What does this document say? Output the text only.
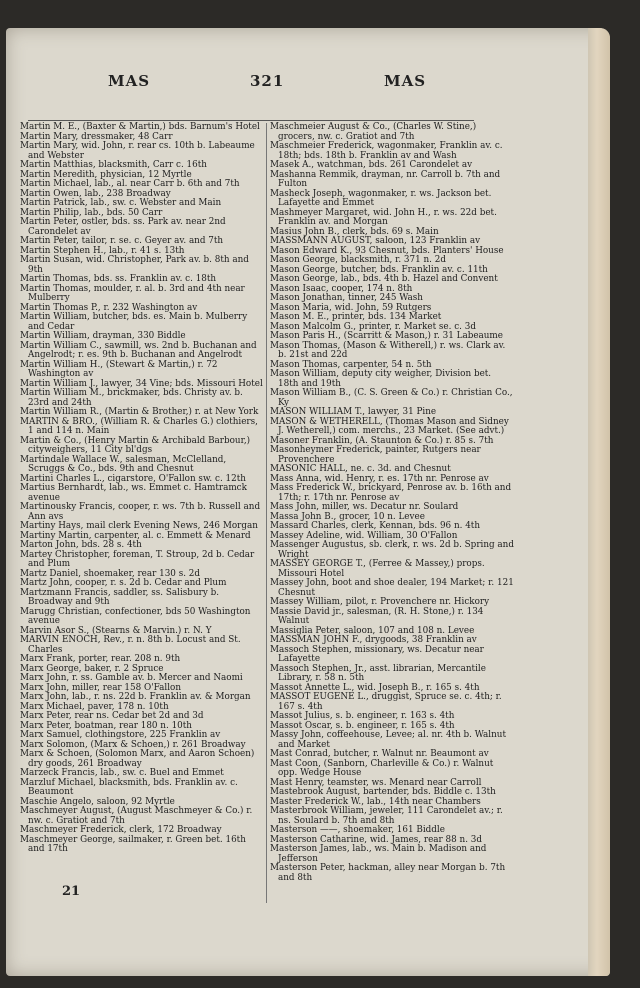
MAS	321	MAS

Martin M. E., (Baxter & Martin,) bds. Barnum's Hotel

Martin Mary, dressmaker, 48 Carr

Martin Mary, wid. John, r. rear cs. 10th b. Labeaume and Webster

Martin Matthias, blacksmith, Carr c. 16th

Martin Meredith, physician, 12 Myrtle

Martin Michael, lab., al. near Carr b. 6th and 7th

Martin Owen, lab., 238 Broadway

Martin Patrick, lab., sw. c. Webster and Main

Martin Philip, lab., bds. 50 Carr

Martin Peter, ostler, bds. ss. Park av. near 2nd Carondelet av

Martin Peter, tailor, r. se. c. Geyer av. and 7th

Martin Stephen H., lab., r. 41 s. 13th

Martin Susan, wid. Christopher, Park av. b. 8th and 9th

Martin Thomas, bds. ss. Franklin av. c. 18th

Martin Thomas, moulder, r. al. b. 3rd and 4th near Mulberry

Martin Thomas P., r. 232 Washington av

Martin William, butcher, bds. es. Main b. Mulberry and Cedar

Martin William, drayman, 330 Biddle

Martin William C., sawmill, ws. 2nd b. Buchanan and Angelrodt; r. es. 9th b. Buchanan and Angelrodt

Martin William H., (Stewart & Martin,) r. 72 Washington av

Martin William J., lawyer, 34 Vine; bds. Missouri Hotel

Martin William M., brickmaker, bds. Christy av. b. 23rd and 24th

Martin William R., (Martin & Brother,) r. at New York

MARTIN & BRO., (William R. & Charles G.) clothiers, 1 and 114 n. Main

Martin & Co., (Henry Martin & Archibald Barbour,) cityweighers, 11 City bl'dgs

Martindale Wallace W., salesman, McClelland, Scruggs & Co., bds. 9th and Chesnut

Martini Charles L., cigarstore, O'Fallon sw. c. 12th

Martius Bernhardt, lab., ws. Emmet c. Hamtramck avenue

Martinousky Francis, cooper, r. ws. 7th b. Russell and Ann avs

Martiny Hays, mail clerk Evening News, 246 Morgan

Martiny Martin, carpenter, al. c. Emmett & Menard

Marton John, bds. 28 s. 4th

Martey Christopher, foreman, T. Stroup, 2d b. Cedar and Plum

Martz Daniel, shoemaker, rear 130 s. 2d

Martz John, cooper, r. s. 2d b. Cedar and Plum

Martzmann Francis, saddler, ss. Salisbury b. Broadway and 9th

Marugg Christian, confectioner, bds 50 Washington avenue

Marvin Asor S., (Stearns & Marvin.) r. N. Y

MARVIN ENOCH, Rev., r. n. 8th b. Locust and St. Charles

Marx Frank, porter, rear. 208 n. 9th

Marx George, baker, r. 2 Spruce

Marx John, r. ss. Gamble av. b. Mercer and Naomi

Marx John, miller, rear 158 O'Fallon

Marx John, lab., r. ns. 22d b. Franklin av. & Morgan

Marx Michael, paver, 178 n. 10th

Marx Peter, rear ns. Cedar bet 2d and 3d

Marx Peter, boatman, rear 180 n. 10th

Marx Samuel, clothingstore, 225 Franklin av

Marx Solomon, (Marx & Schoen,) r. 261 Broadway

Marx & Schoen, (Solomon Marx, and Aaron Schoen) dry goods, 261 Broadway

Marzeck Francis, lab., sw. c. Buel and Emmet

Marzluf Michael, blacksmith, bds. Franklin av. c. Beaumont

Maschie Angelo, saloon, 92 Myrtle

Maschmeyer August, (August Maschmeyer & Co.) r. nw. c. Gratiot and 7th

Maschmeyer Frederick, clerk, 172 Broadway

Maschmeyer George, sailmaker, r. Green bet. 16th and 17th

Maschmeier August & Co., (Charles W. Stine,) grocers, nw. c. Gratiot and 7th

Maschmeier Frederick, wagonmaker, Franklin av. c. 18th; bds. 18th b. Franklin av and Wash

Masek A., watchman, bds. 261 Carondelet av

Mashanna Remmik, drayman, nr. Carroll b. 7th and Fulton

Masheck Joseph, wagonmaker, r. ws. Jackson bet. Lafayette and Emmet

Mashmeyer Margaret, wid. John H., r. ws. 22d bet. Franklin av. and Morgan

Masius John B., clerk, bds. 69 s. Main

MASSMANN AUGUST, saloon, 123 Franklin av

Mason Edward K., 93 Chesnut, bds. Planters' House

Mason George, blacksmith, r. 371 n. 2d

Mason George, butcher, bds. Franklin av. c. 11th

Mason George, lab., bds. 4th b. Hazel and Convent

Mason Isaac, cooper, 174 n. 8th

Mason Jonathan, tinner, 245 Wash

Mason Maria, wid. John, 59 Rutgers

Mason M. E., printer, bds. 134 Market

Mason Malcolm G., printer, r. Market se. c. 3d

Mason Paris H., (Scarritt & Mason,) r. 31 Labeaume

Mason Thomas, (Mason & Witherell,) r. ws. Clark av. b. 21st and 22d

Mason Thomas, carpenter, 54 n. 5th

Mason William, deputy city weigher, Division bet. 18th and 19th

Mason William B., (C. S. Green & Co.) r. Christian Co., Ky

MASON WILLIAM T., lawyer, 31 Pine

MASON & WETHERELL, (Thomas Mason and Sidney J. Wetherell,) com. merchs., 23 Market. (See advt.)

Masoner Franklin, (A. Staunton & Co.) r. 85 s. 7th

Masonheymer Frederick, painter, Rutgers near Provenchere

MASONIC HALL, ne. c. 3d. and Chesnut

Mass Anna, wid. Henry, r. es. 17th nr. Penrose av

Mass Frederick W., brickyard, Penrose av. b. 16th and 17th; r. 17th nr. Penrose av

Mass John, miller, ws. Decatur nr. Soulard

Massa John B., grocer, 10 n. Levee

Massard Charles, clerk, Kennan, bds. 96 n. 4th

Massey Adeline, wid. William, 30 O'Fallon

Massenger Augustus, sb. clerk, r. ws. 2d b. Spring and Wright

MASSEY GEORGE T., (Ferree & Massey,) props. Missouri Hotel

Massey John, boot and shoe dealer, 194 Market; r. 121 Chesnut

Massey William, pilot, r. Provenchere nr. Hickory

Massie David jr., salesman, (R. H. Stone,) r. 134 Walnut

Massiglia Peter, saloon, 107 and 108 n. Levee

MASSMAN JOHN F., drygoods, 38 Franklin av

Massoch Stephen, missionary, ws. Decatur near Lafayette

Massoch Stephen, Jr., asst. librarian, Mercantile Library, r. 58 n. 5th

Massot Annette L., wid. Joseph B., r. 165 s. 4th

MASSOT EUGENE L., druggist, Spruce se. c. 4th; r. 167 s. 4th

Massot Julius, s. b. engineer, r. 163 s. 4th

Massot Oscar, s. b. engineer, r. 165 s. 4th

Massy John, coffeehouse, Levee; al. nr. 4th b. Walnut and Market

Mast Conrad, butcher, r. Walnut nr. Beaumont av

Mast Coon, (Sanborn, Charleville & Co.) r. Walnut opp. Wedge House

Mast Henry, teamster, ws. Menard near Carroll

Mastebrook August, bartender, bds. Biddle c. 13th

Master Frederick W., lab., 14th near Chambers

Masterbrook William, jeweler, 111 Carondelet av.; r. ns. Soulard b. 7th and 8th

Masterson ——, shoemaker, 161 Biddle

Masterson Catharine, wid. James, rear 88 n. 3d

Masterson James, lab., ws. Main b. Madison and Jefferson

Masterson Peter, hackman, alley near Morgan b. 7th and 8th

21
